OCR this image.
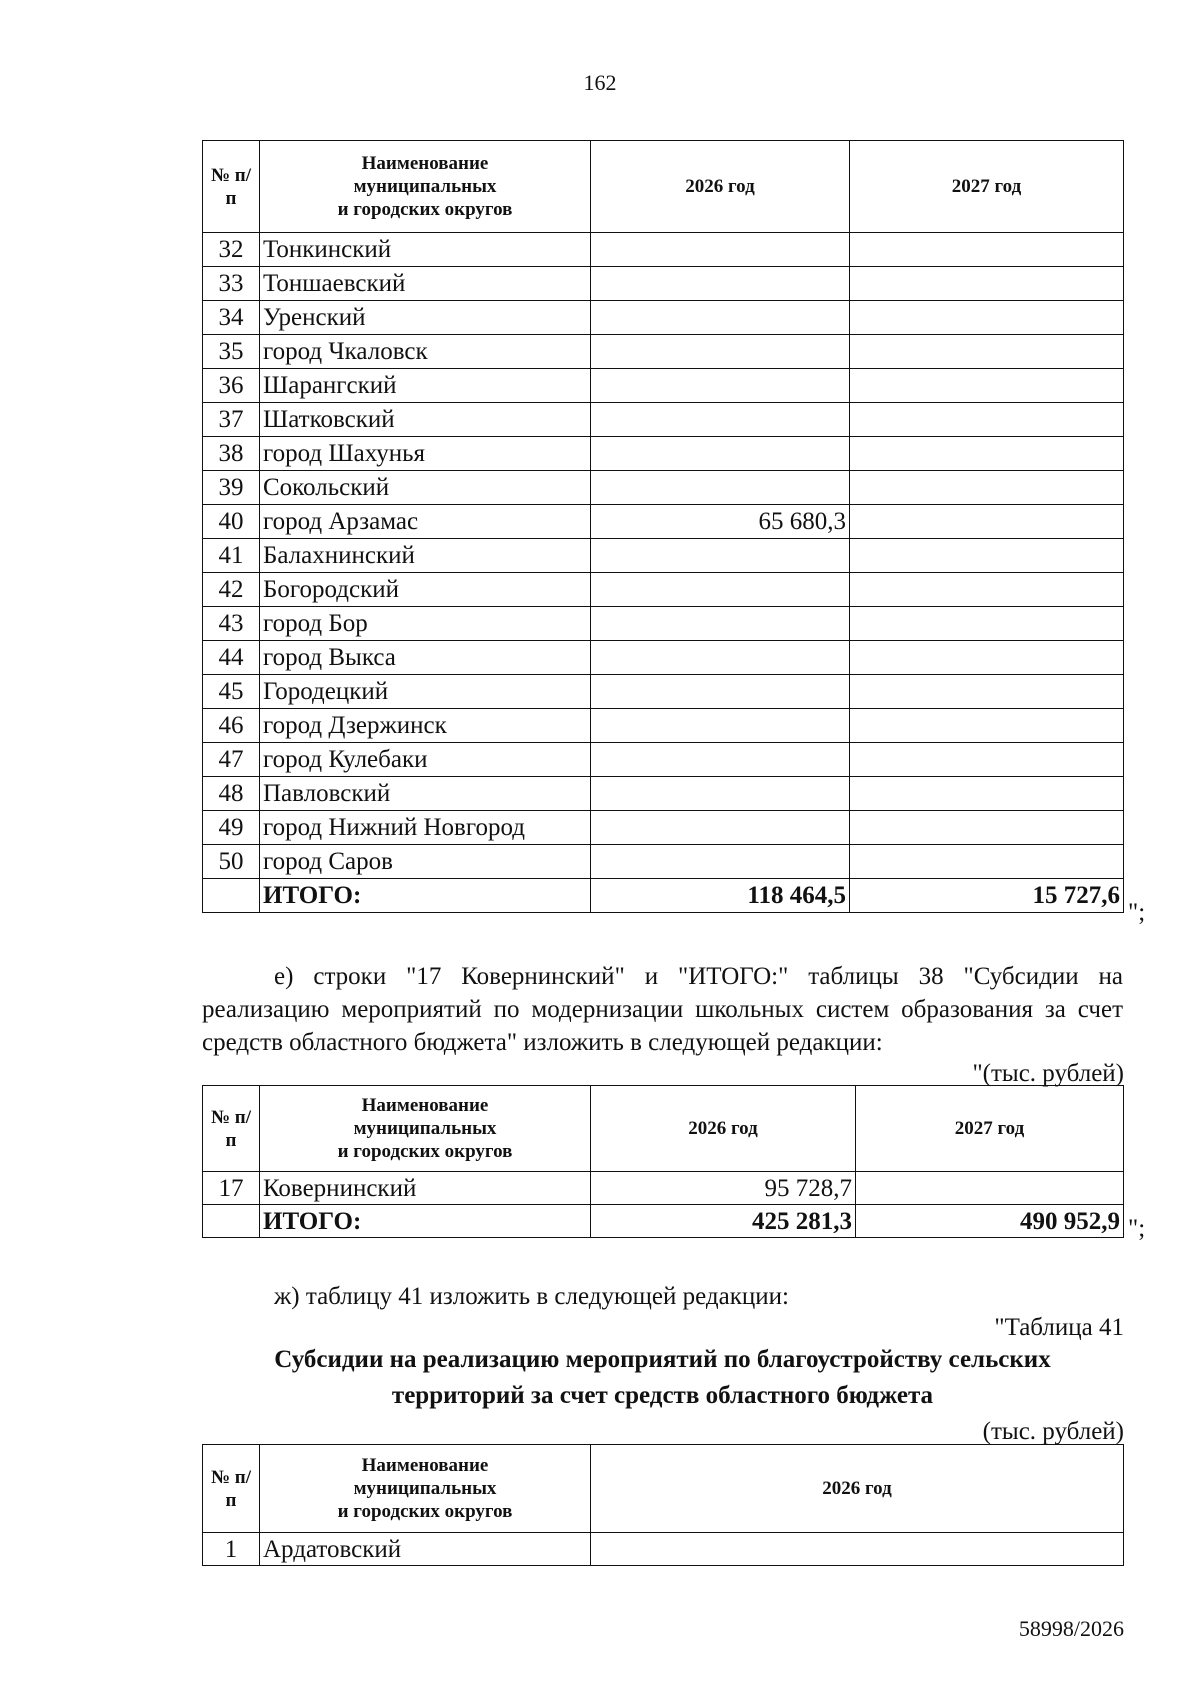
162
№ п/п	Наименование
муниципальных
и городских округов	2026 год	2027 год
32	Тонкинский		
33	Тоншаевский		
34	Уренский		
35	город Чкаловск		
36	Шарангский		
37	Шатковский		
38	город Шахунья		
39	Сокольский		
40	город Арзамас	65 680,3	
41	Балахнинский		
42	Богородский		
43	город Бор		
44	город Выкса		
45	Городецкий		
46	город Дзержинск		
47	город Кулебаки		
48	Павловский		
49	город Нижний Новгород		
50	город Саров		
	ИТОГО:	118 464,5	15 727,6
";
е) строки "17 Ковернинский" и "ИТОГО:" таблицы 38 "Субсидии на реализацию мероприятий по модернизации школьных систем образования за счет средств областного бюджета" изложить в следующей редакции:
"(тыс. рублей)
№ п/п	Наименование
муниципальных
и городских округов	2026 год	2027 год
17	Ковернинский	95 728,7	
	ИТОГО:	425 281,3	490 952,9 ";
ж) таблицу 41 изложить в следующей редакции:
"Таблица 41
Субсидии на реализацию мероприятий по благоустройству сельских
территорий за счет средств областного бюджета
(тыс. рублей)
№ п/п	Наименование
муниципальных
и городских округов	2026 год
1	Ардатовский	
58998/2026
